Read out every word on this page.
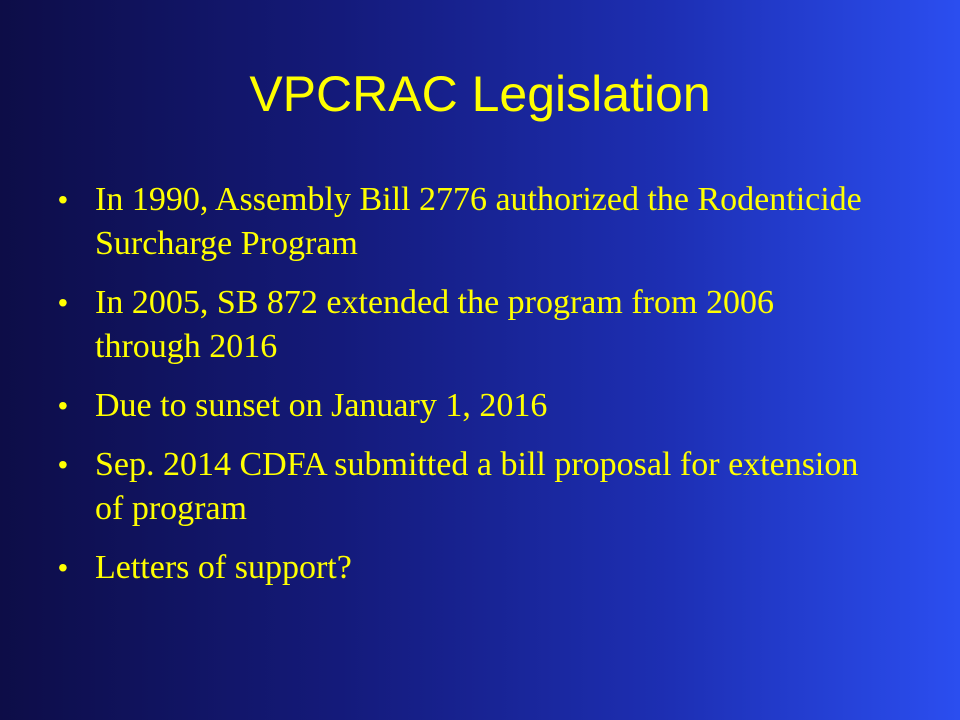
VPCRAC Legislation
• In 1990, Assembly Bill 2776 authorized the Rodenticide Surcharge Program
• In 2005, SB 872 extended the program from 2006 through 2016
• Due to sunset on January 1, 2016
• Sep. 2014 CDFA submitted a bill proposal for extension of program
• Letters of support?
